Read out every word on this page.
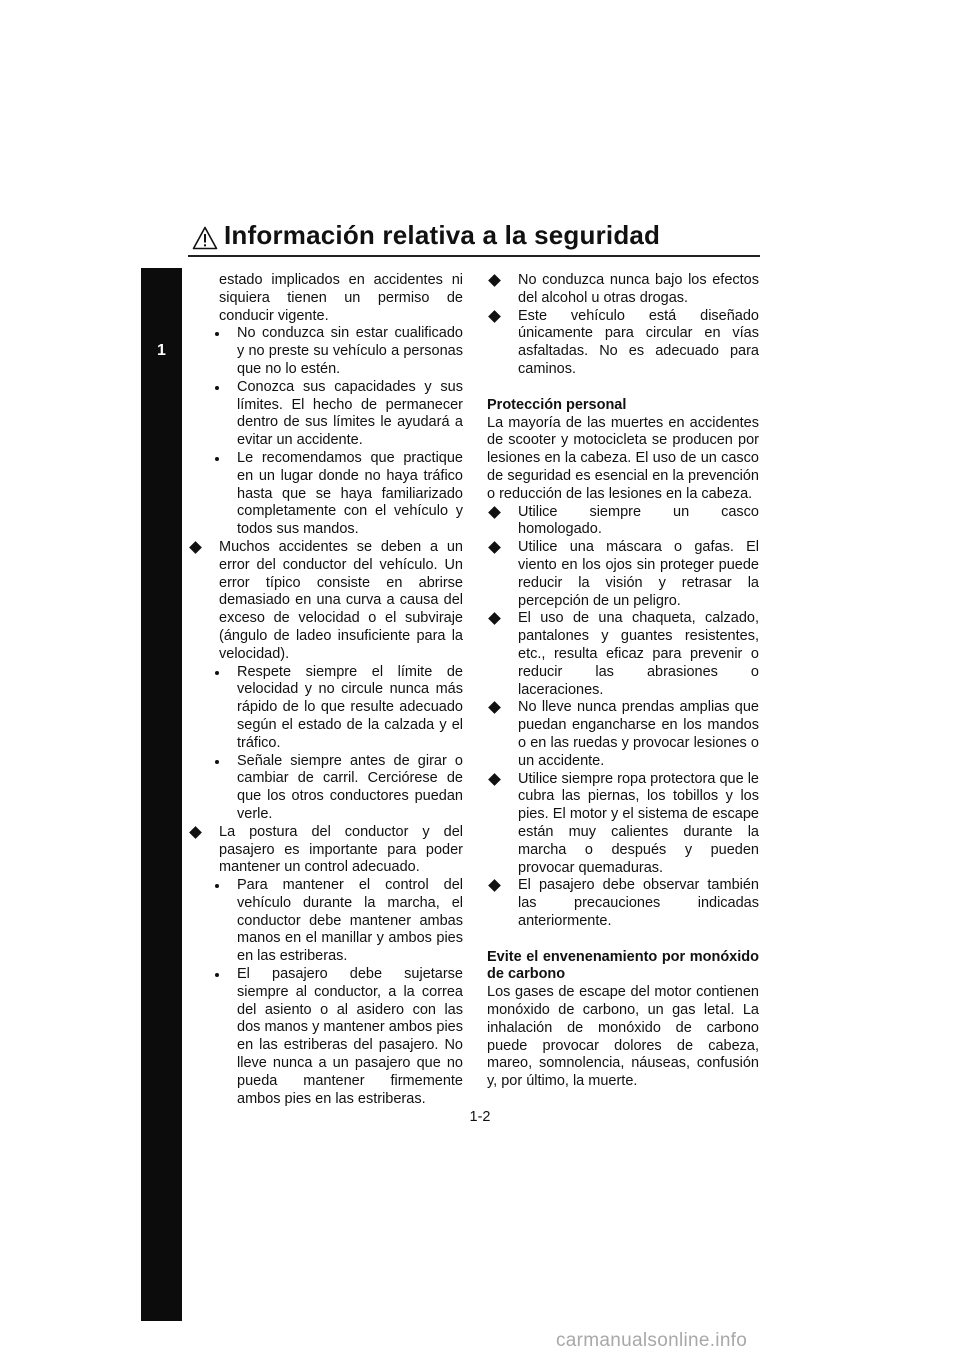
Información relativa a la seguridad
1
estado implicados en accidentes ni siquiera tienen un permiso de conducir vigente.
No conduzca sin estar cualificado y no preste su vehículo a personas que no lo estén.
Conozca sus capacidades y sus límites. El hecho de permanecer dentro de sus límites le ayudará a evitar un accidente.
Le recomendamos que practique en un lugar donde no haya tráfico hasta que se haya familiarizado completamente con el vehículo y todos sus mandos.
Muchos accidentes se deben a un error del conductor del vehículo. Un error típico consiste en abrirse demasiado en una curva a causa del exceso de velocidad o el subviraje (ángulo de ladeo insuficiente para la velocidad).
Respete siempre el límite de velocidad y no circule nunca más rápido de lo que resulte adecuado según el estado de la calzada y el tráfico.
Señale siempre antes de girar o cambiar de carril. Cerciórese de que los otros conductores puedan verle.
La postura del conductor y del pasajero es importante para poder mantener un control adecuado.
Para mantener el control del vehículo durante la marcha, el conductor debe mantener ambas manos en el manillar y ambos pies en las estriberas.
El pasajero debe sujetarse siempre al conductor, a la correa del asiento o al asidero con las dos manos y mantener ambos pies en las estriberas del pasajero. No lleve nunca a un pasajero que no pueda mantener firmemente ambos pies en las estriberas.
No conduzca nunca bajo los efectos del alcohol u otras drogas.
Este vehículo está diseñado únicamente para circular en vías asfaltadas. No es adecuado para caminos.

Protección personal

La mayoría de las muertes en accidentes de scooter y motocicleta se producen por lesiones en la cabeza. El uso de un casco de seguridad es esencial en la prevención o reducción de las lesiones en la cabeza.

Utilice siempre un casco homologado.
Utilice una máscara o gafas. El viento en los ojos sin proteger puede reducir la visión y retrasar la percepción de un peligro.
El uso de una chaqueta, calzado, pantalones y guantes resistentes, etc., resulta eficaz para prevenir o reducir las abrasiones o laceraciones.
No lleve nunca prendas amplias que puedan engancharse en los mandos o en las ruedas y provocar lesiones o un accidente.
Utilice siempre ropa protectora que le cubra las piernas, los tobillos y los pies. El motor y el sistema de escape están muy calientes durante la marcha o después y pueden provocar quemaduras.
El pasajero debe observar también las precauciones indicadas anteriormente.

Evite el envenenamiento por monóxido de carbono

Los gases de escape del motor contienen monóxido de carbono, un gas letal. La inhalación de monóxido de carbono puede provocar dolores de cabeza, mareo, somnolencia, náuseas, confusión y, por último, la muerte.

1-2
carmanualsonline.info
